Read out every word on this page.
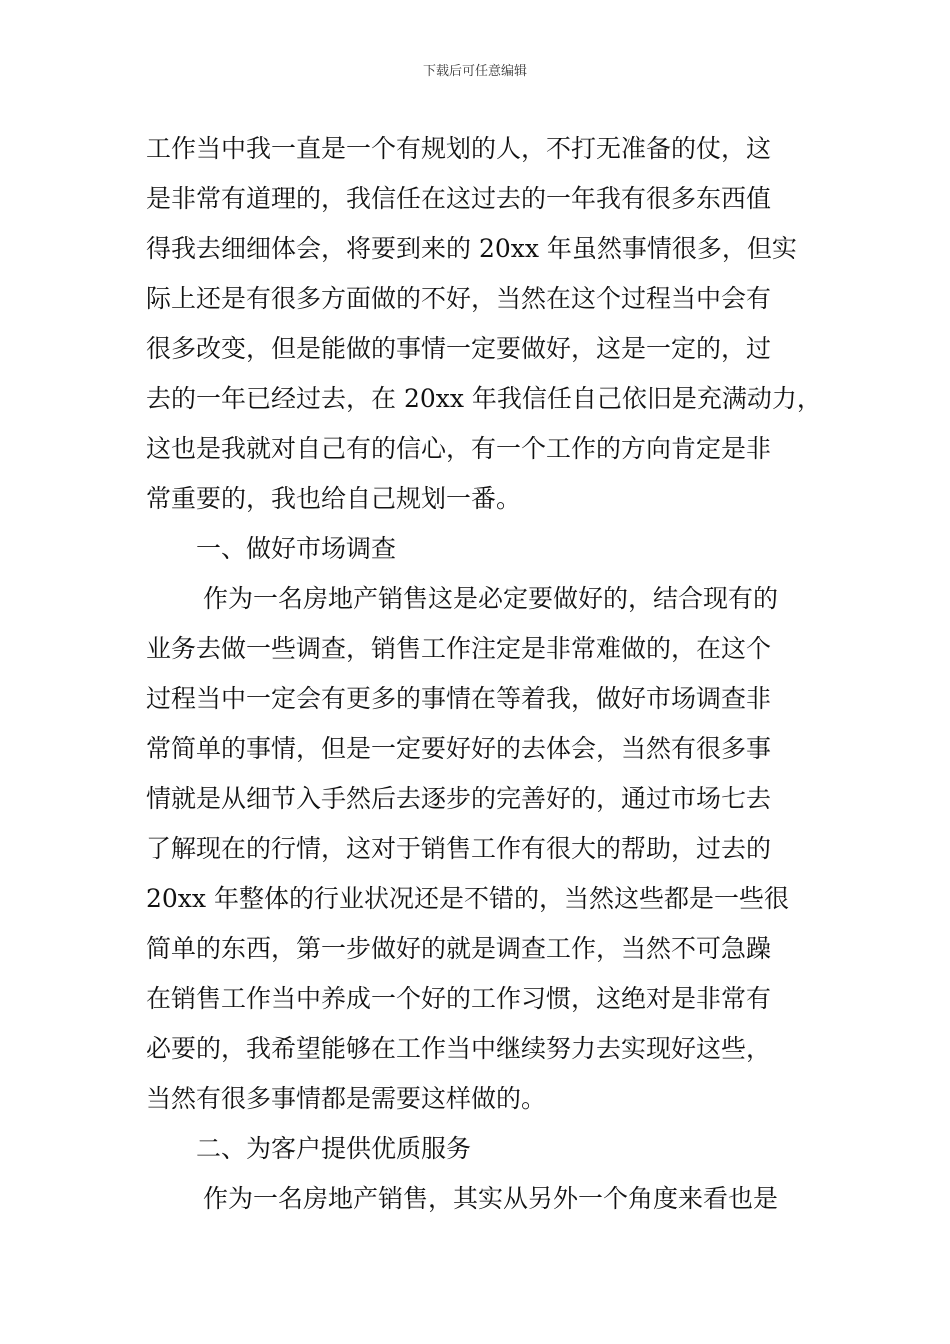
下载后可任意编辑
工作当中我一直是一个有规划的人，不打无准备的仗，这
是非常有道理的，我信任在这过去的一年我有很多东西值
得我去细细体会，将要到来的 20xx 年虽然事情很多，但实
际上还是有很多方面做的不好，当然在这个过程当中会有
很多改变，但是能做的事情一定要做好，这是一定的，过
去的一年已经过去，在 20xx 年我信任自己依旧是充满动力，
这也是我就对自己有的信心，有一个工作的方向肯定是非
常重要的，我也给自己规划一番。
一、做好市场调查
作为一名房地产销售这是必定要做好的，结合现有的
业务去做一些调查，销售工作注定是非常难做的，在这个
过程当中一定会有更多的事情在等着我，做好市场调查非
常简单的事情，但是一定要好好的去体会，当然有很多事
情就是从细节入手然后去逐步的完善好的，通过市场七去
了解现在的行情，这对于销售工作有很大的帮助，过去的
20xx 年整体的行业状况还是不错的，当然这些都是一些很
简单的东西，第一步做好的就是调查工作，当然不可急躁
在销售工作当中养成一个好的工作习惯，这绝对是非常有
必要的，我希望能够在工作当中继续努力去实现好这些，
当然有很多事情都是需要这样做的。
二、为客户提供优质服务
作为一名房地产销售，其实从另外一个角度来看也是
